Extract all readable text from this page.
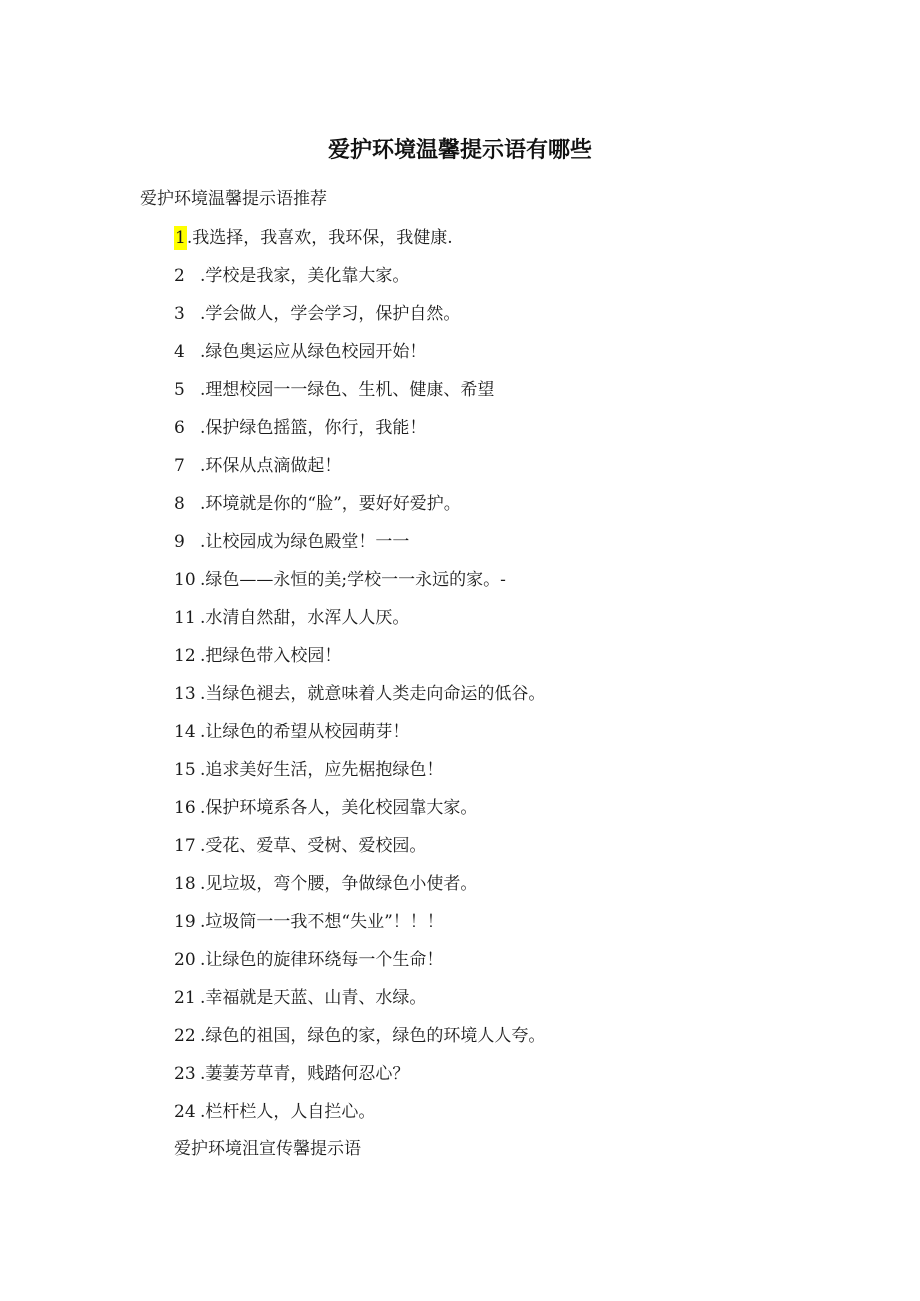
爱护环境温馨提示语有哪些

爱护环境温馨提示语推荐

1 .我选择，我喜欢，我环保，我健康.
2 .学校是我家，美化靠大家。
3 .学会做人，学会学习，保护自然。
4 .绿色奥运应从绿色校园开始！
5 .理想校园一一绿色、生机、健康、希望
6 .保护绿色摇篮，你行，我能！
7 .环保从点滴做起！
8 .环境就是你的“脸”，要好好爱护。
9 .让校园成为绿色殿堂！一一
10 .绿色——永恒的美;学校一一永远的家。-
11 .水清自然甜，水浑人人厌。
12 .把绿色带入校园！
13 .当绿色褪去，就意味着人类走向命运的低谷。
14 .让绿色的希望从校园萌芽！
15 .追求美好生活，应先椐抱绿色！
16 .保护环境系各人，美化校园靠大家。
17 .受花、爱草、受树、爱校园。
18 .见垃圾，弯个腰，争做绿色小使者。
19 .垃圾筒一一我不想“失业”！！！
20 .让绿色的旋律环绕每一个生命！
21 .幸福就是天蓝、山青、水绿。
22 .绿色的祖国，绿色的家，绿色的环境人人夸。
23 .萋萋芳草青，贱踏何忍心？
24 .栏杆栏人，人自拦心。

爱护环境沮宣传馨提示语
